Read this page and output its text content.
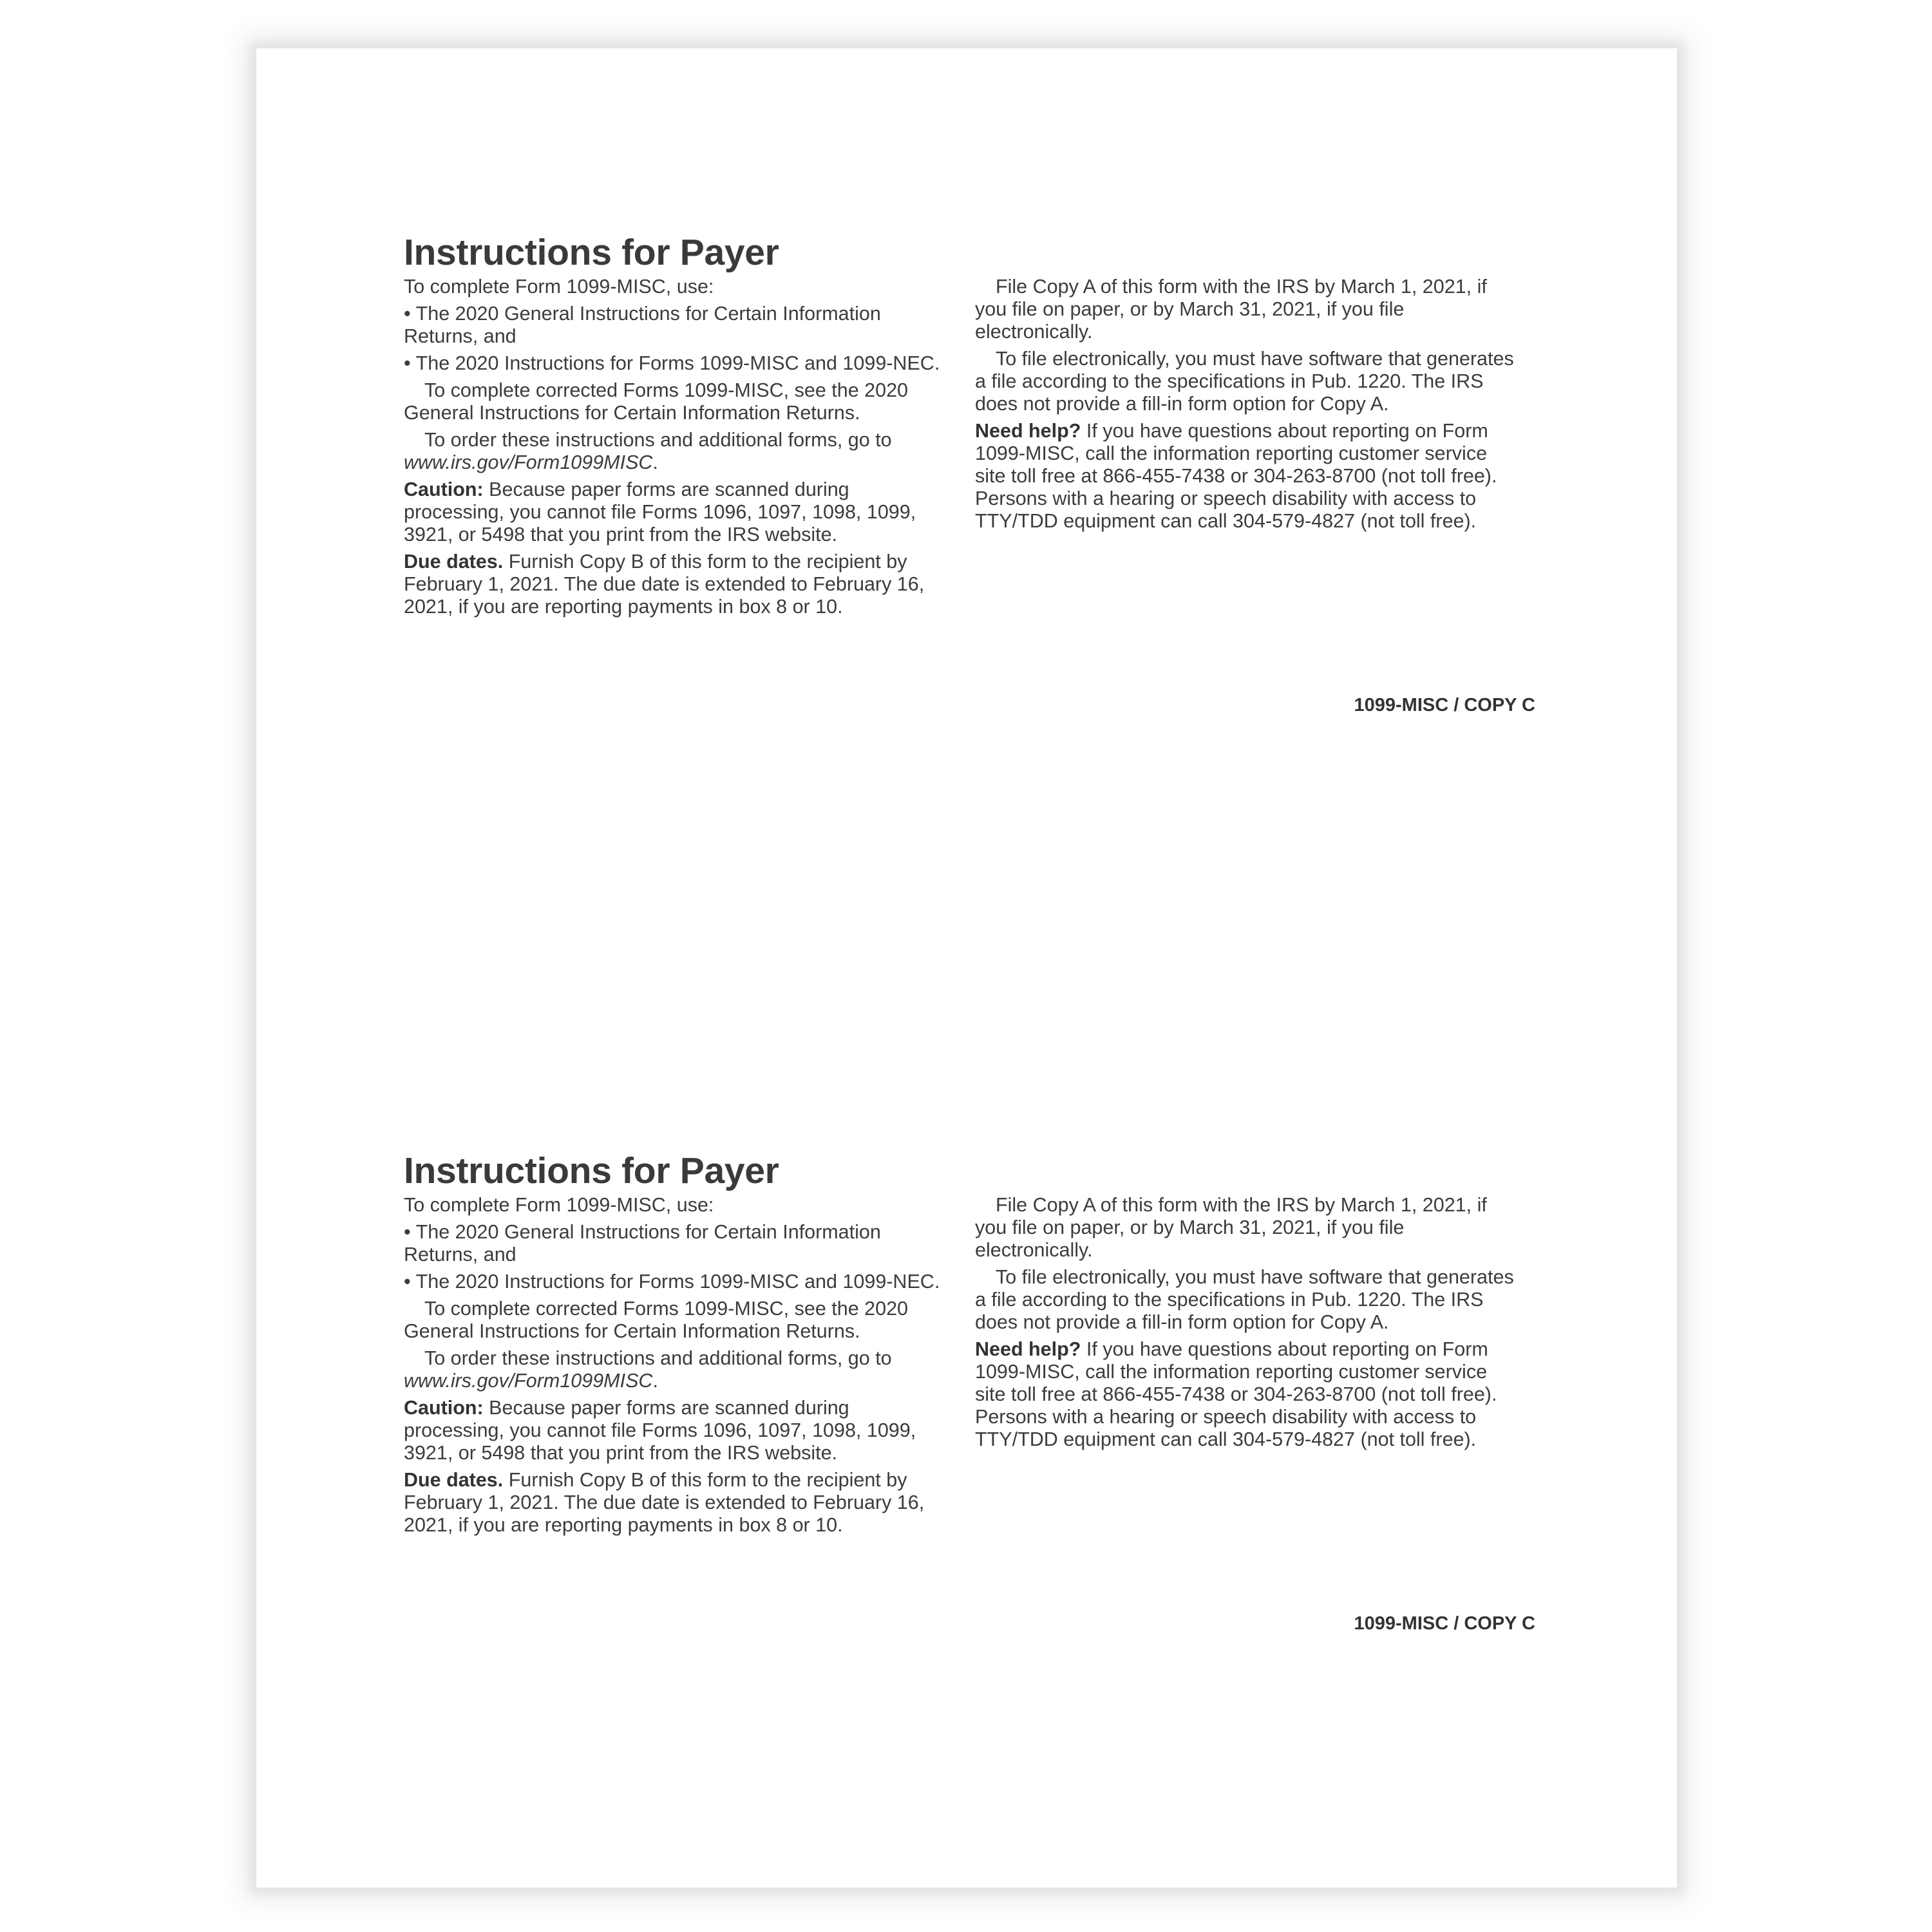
Instructions for Payer

To complete Form 1099-MISC, use:

• The 2020 General Instructions for Certain Information Returns, and

• The 2020 Instructions for Forms 1099-MISC and 1099-NEC.

To complete corrected Forms 1099-MISC, see the 2020 General Instructions for Certain Information Returns.

To order these instructions and additional forms, go to www.irs.gov/Form1099MISC.

Caution: Because paper forms are scanned during processing, you cannot file Forms 1096, 1097, 1098, 1099, 3921, or 5498 that you print from the IRS website.

Due dates. Furnish Copy B of this form to the recipient by February 1, 2021. The due date is extended to February 16, 2021, if you are reporting payments in box 8 or 10.

File Copy A of this form with the IRS by March 1, 2021, if you file on paper, or by March 31, 2021, if you file electronically.

To file electronically, you must have software that generates a file according to the specifications in Pub. 1220. The IRS does not provide a fill-in form option for Copy A.

Need help? If you have questions about reporting on Form 1099-MISC, call the information reporting customer service site toll free at 866-455-7438 or 304-263-8700 (not toll free). Persons with a hearing or speech disability with access to TTY/TDD equipment can call 304-579-4827 (not toll free).

1099-MISC / COPY C
Instructions for Payer

To complete Form 1099-MISC, use:

• The 2020 General Instructions for Certain Information Returns, and

• The 2020 Instructions for Forms 1099-MISC and 1099-NEC.

To complete corrected Forms 1099-MISC, see the 2020 General Instructions for Certain Information Returns.

To order these instructions and additional forms, go to www.irs.gov/Form1099MISC.

Caution: Because paper forms are scanned during processing, you cannot file Forms 1096, 1097, 1098, 1099, 3921, or 5498 that you print from the IRS website.

Due dates. Furnish Copy B of this form to the recipient by February 1, 2021. The due date is extended to February 16, 2021, if you are reporting payments in box 8 or 10.

File Copy A of this form with the IRS by March 1, 2021, if you file on paper, or by March 31, 2021, if you file electronically.

To file electronically, you must have software that generates a file according to the specifications in Pub. 1220. The IRS does not provide a fill-in form option for Copy A.

Need help? If you have questions about reporting on Form 1099-MISC, call the information reporting customer service site toll free at 866-455-7438 or 304-263-8700 (not toll free). Persons with a hearing or speech disability with access to TTY/TDD equipment can call 304-579-4827 (not toll free).

1099-MISC / COPY C
